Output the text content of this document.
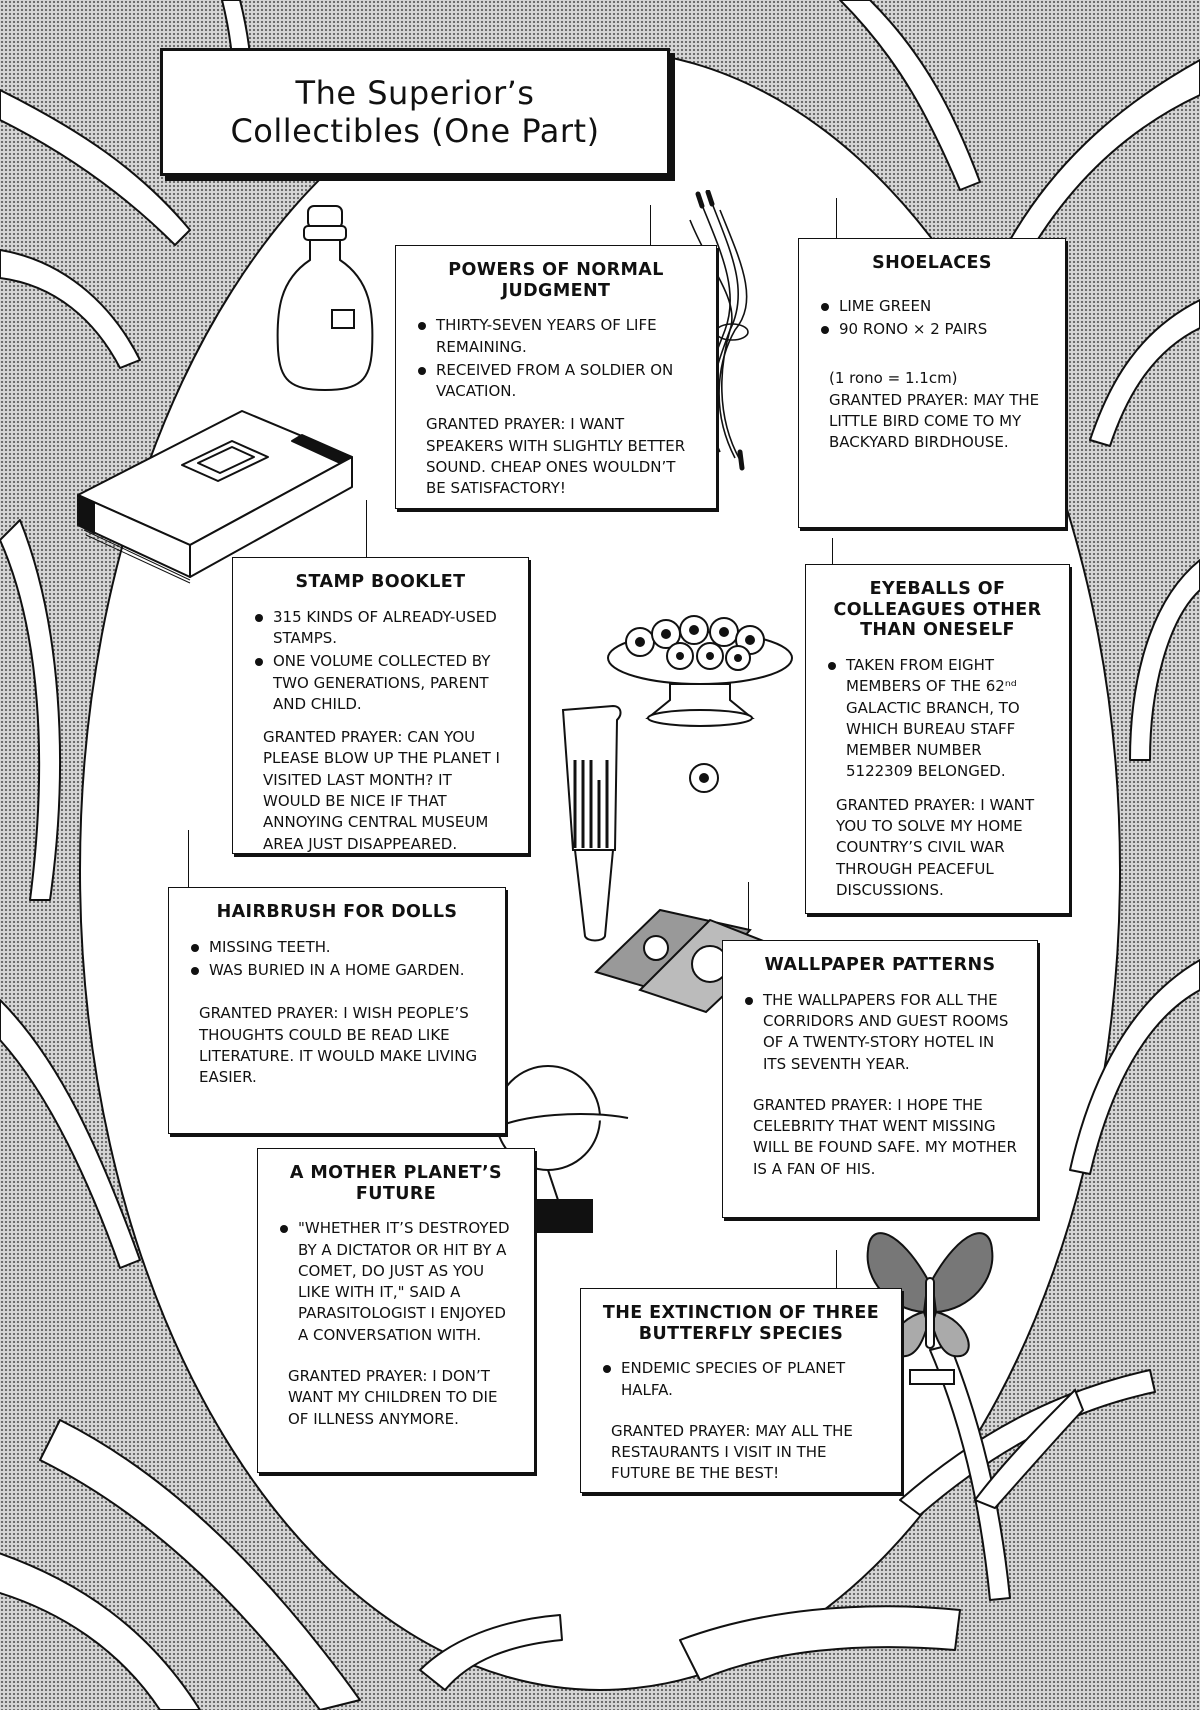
The Superior’s
Collectibles (One Part)
POWERS OF NORMAL JUDGMENT
THIRTY-SEVEN YEARS OF LIFE REMAINING.
RECEIVED FROM A SOLDIER ON VACATION.
GRANTED PRAYER: I WANT SPEAKERS WITH SLIGHTLY BETTER SOUND. CHEAP ONES WOULDN’T BE SATISFACTORY!
SHOELACES
LIME GREEN
90 RONO × 2 PAIRS
(1 rono = 1.1cm)
GRANTED PRAYER: MAY THE LITTLE BIRD COME TO MY BACKYARD BIRDHOUSE.
STAMP BOOKLET
315 KINDS OF ALREADY-USED STAMPS.
ONE VOLUME COLLECTED BY TWO GENERATIONS, PARENT AND CHILD.
GRANTED PRAYER: CAN YOU PLEASE BLOW UP THE PLANET I VISITED LAST MONTH? IT WOULD BE NICE IF THAT ANNOYING CENTRAL MUSEUM AREA JUST DISAPPEARED.
EYEBALLS OF COLLEAGUES OTHER THAN ONESELF
TAKEN FROM EIGHT MEMBERS OF THE 62ⁿᵈ GALACTIC BRANCH, TO WHICH BUREAU STAFF MEMBER NUMBER 5122309 BELONGED.
GRANTED PRAYER: I WANT YOU TO SOLVE MY HOME COUNTRY’S CIVIL WAR THROUGH PEACEFUL DISCUSSIONS.
HAIRBRUSH FOR DOLLS
MISSING TEETH.
WAS BURIED IN A HOME GARDEN.
GRANTED PRAYER: I WISH PEOPLE’S THOUGHTS COULD BE READ LIKE LITERATURE. IT WOULD MAKE LIVING EASIER.
WALLPAPER PATTERNS
THE WALLPAPERS FOR ALL THE CORRIDORS AND GUEST ROOMS OF A TWENTY-STORY HOTEL IN ITS SEVENTH YEAR.
GRANTED PRAYER: I HOPE THE CELEBRITY THAT WENT MISSING WILL BE FOUND SAFE. MY MOTHER IS A FAN OF HIS.
A MOTHER PLANET’S FUTURE
"WHETHER IT’S DESTROYED BY A DICTATOR OR HIT BY A COMET, DO JUST AS YOU LIKE WITH IT," SAID A PARASITOLOGIST I ENJOYED A CONVERSATION WITH.
GRANTED PRAYER: I DON’T WANT MY CHILDREN TO DIE OF ILLNESS ANYMORE.
THE EXTINCTION OF THREE BUTTERFLY SPECIES
ENDEMIC SPECIES OF PLANET HALFA.
GRANTED PRAYER: MAY ALL THE RESTAURANTS I VISIT IN THE FUTURE BE THE BEST!
